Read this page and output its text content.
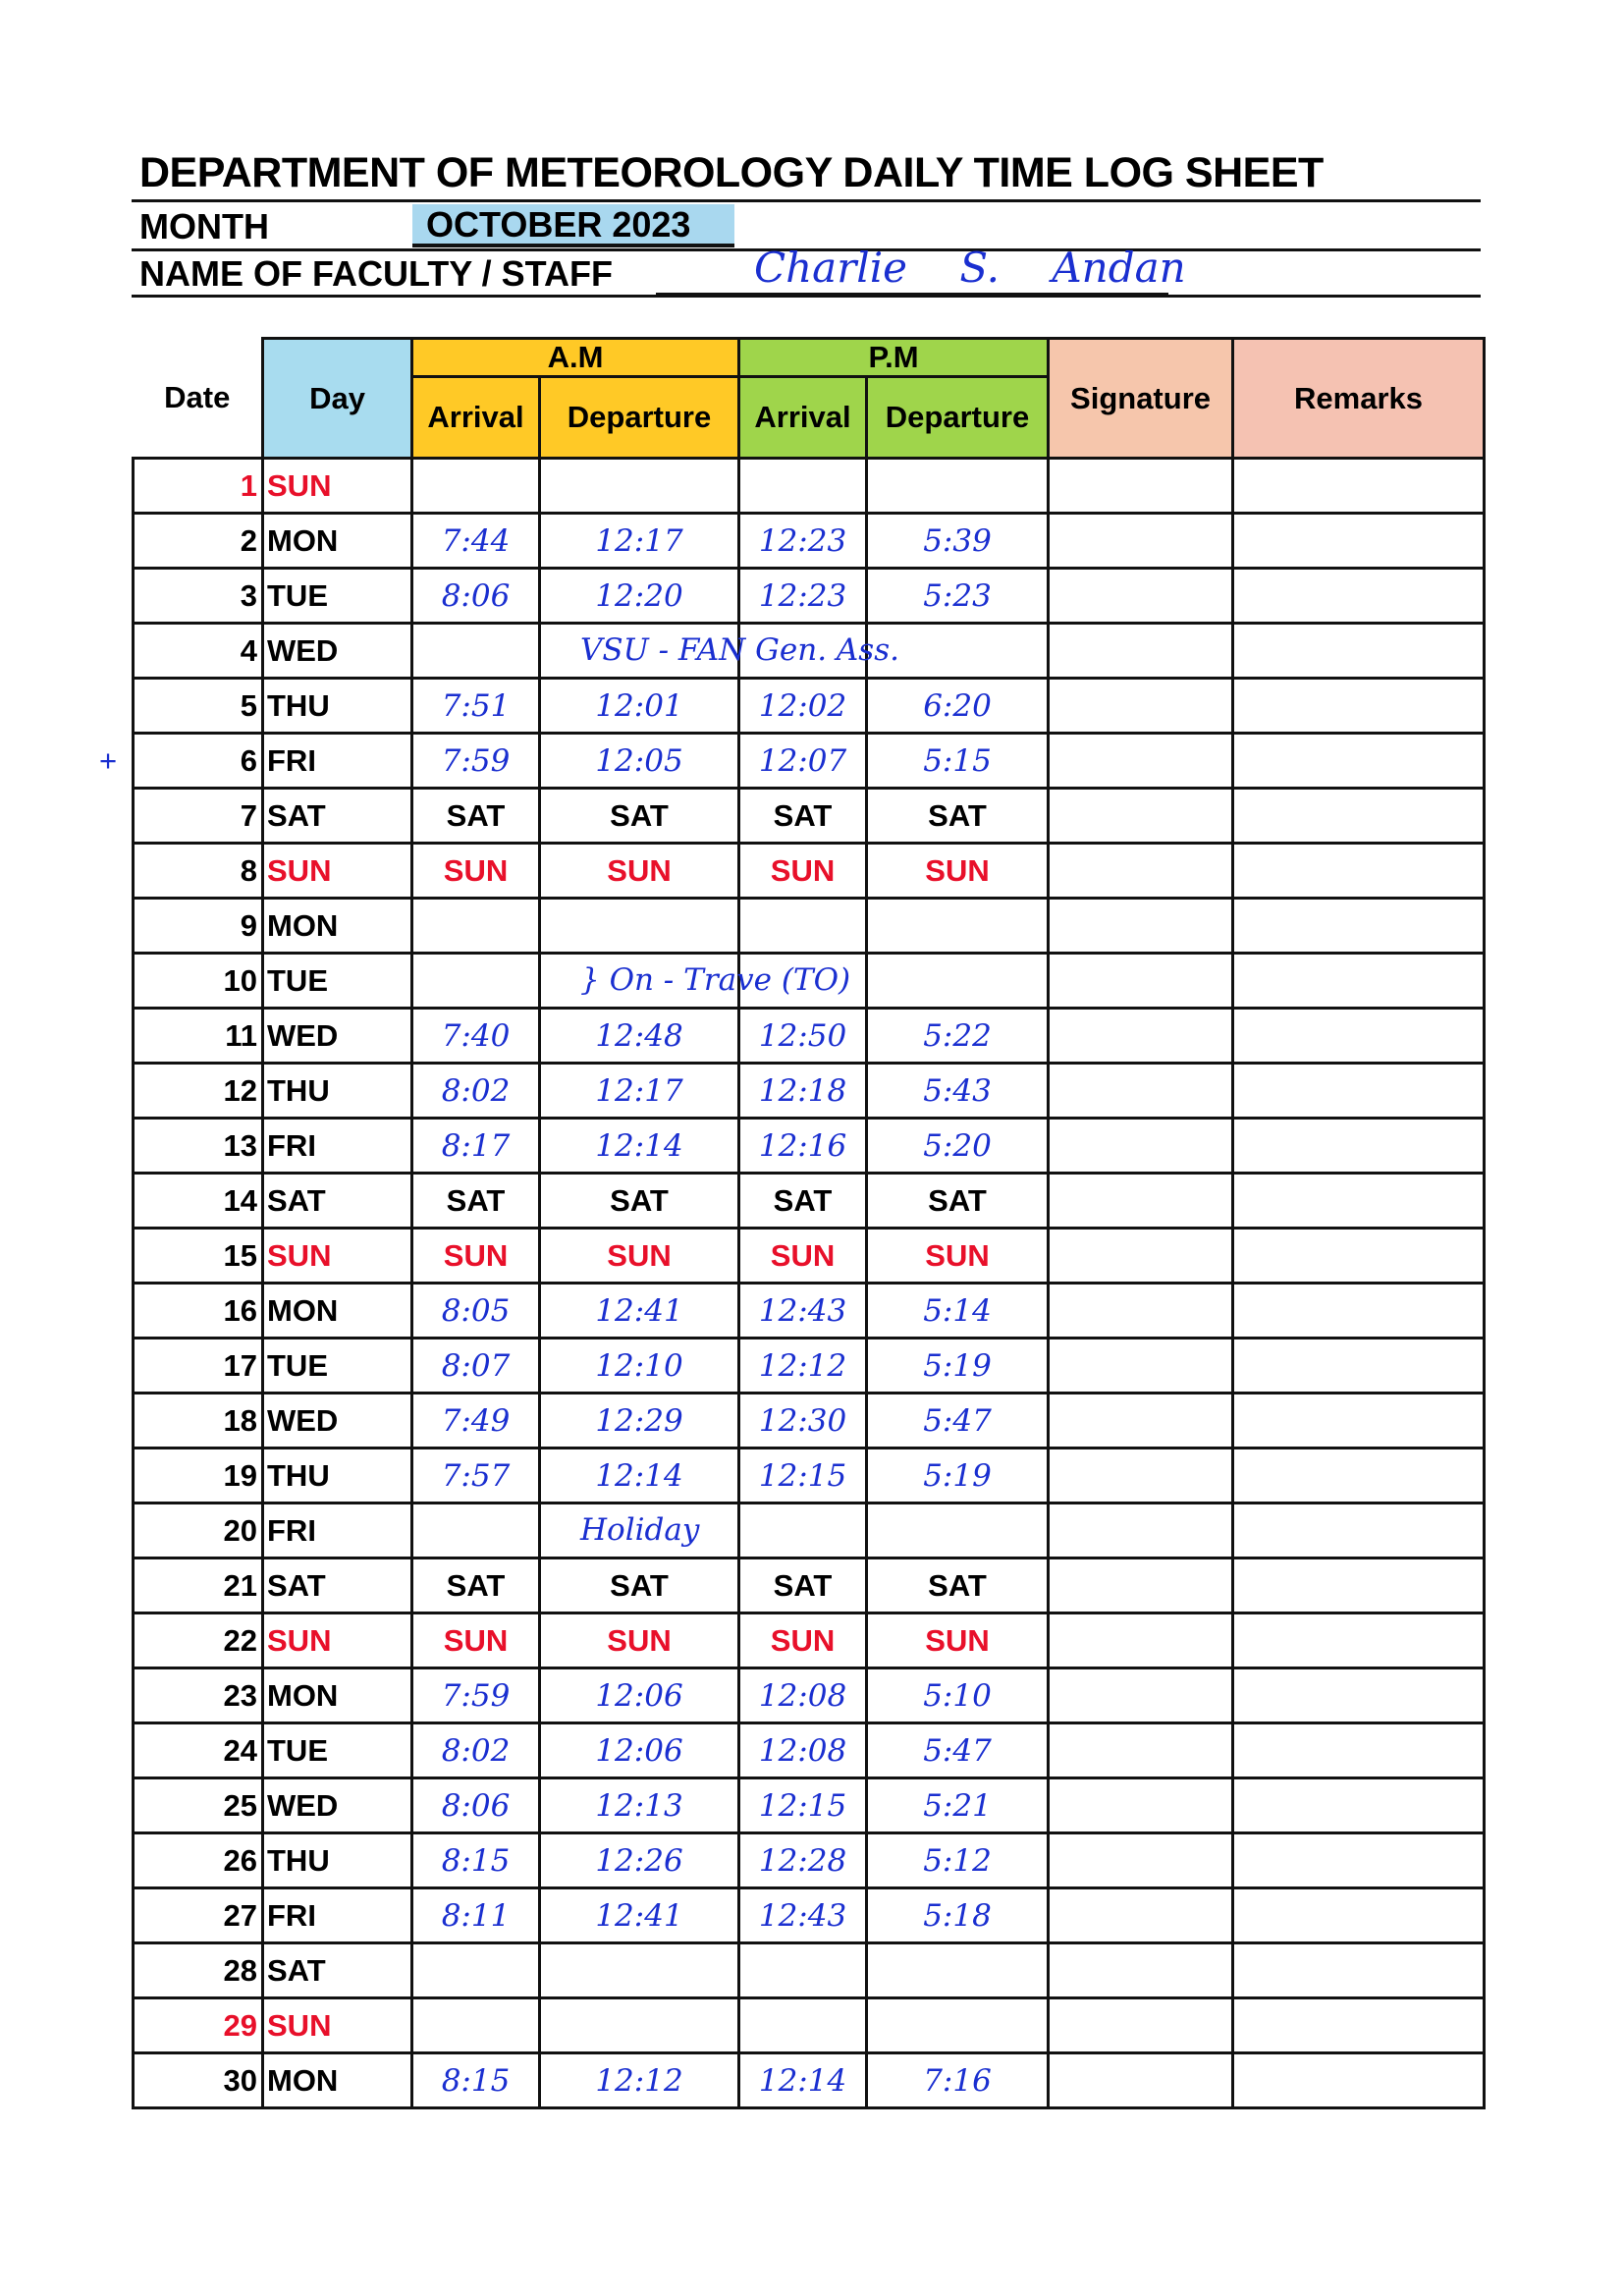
DEPARTMENT OF METEOROLOGY DAILY TIME LOG SHEET
MONTH	OCTOBER 2023
NAME OF FACULTY / STAFF	Charlie S. Andan
Date	Day	A.M		P.M		Signature	Remarks
		Arrival	Departure	Arrival	Departure		
1	SUN						
2	MON	7:44	12:17	12:23	5:39		
3	TUE	8:06	12:20	12:23	5:23		
4	WED		VSU - FAN Gen. Ass.				

5	THU	7:51	12:01	12:02	6:20		

+ 6	FRI	7:59	12:05	12:07	5:15		
7	SAT	SAT	SAT	SAT	SAT		
8	SUN	SUN	SUN	SUN	SUN		
9	MON						
10	TUE		} On - Trave (TO)				

11	WED	7:40	12:48	12:50	5:22		
12	THU	8:02	12:17	12:18	5:43		
13	FRI	8:17	12:14	12:16	5:20		
14	SAT	SAT	SAT	SAT	SAT		
15	SUN	SUN	SUN	SUN	SUN		
16	MON	8:05	12:41	12:43	5:14		
17	TUE	8:07	12:10	12:12	5:19		
18	WED	7:49	12:29	12:30	5:47		
19	THU	7:57	12:14	12:15	5:19		
20	FRI		Holiday				

21	SAT	SAT	SAT	SAT	SAT		
22	SUN	SUN	SUN	SUN	SUN		
23	MON	7:59	12:06	12:08	5:10		
24	TUE	8:02	12:06	12:08	5:47		
25	WED	8:06	12:13	12:15	5:21		
26	THU	8:15	12:26	12:28	5:12		
27	FRI	8:11	12:41	12:43	5:18		
28	SAT						
29	SUN						
30	MON	8:15	12:12	12:14	7:16		
